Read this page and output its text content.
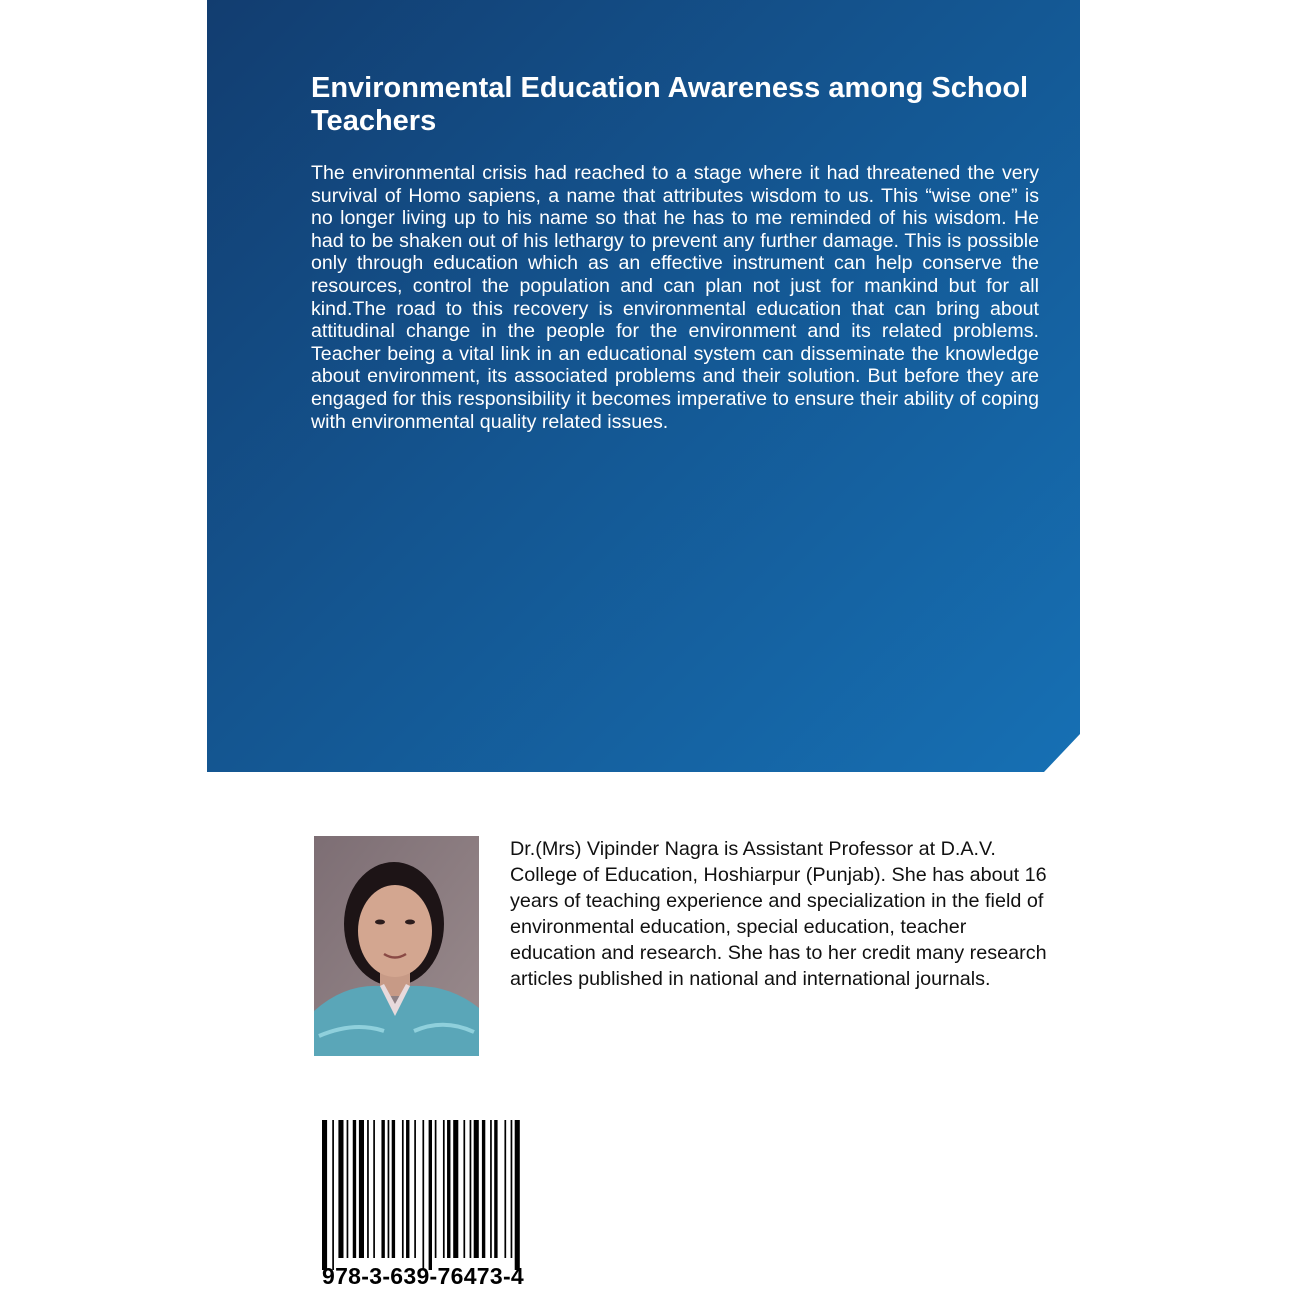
Environmental Education Awareness among School Teachers

The environmental crisis had reached to a stage where it had threatened the very survival of Homo sapiens, a name that attributes wisdom to us. This “wise one” is no longer living up to his name so that he has to me reminded of his wisdom. He had to be shaken out of his lethargy to prevent any further damage. This is possible only through education which as an effective instrument can help conserve the resources, control the population and can plan not just for mankind but for all kind.The road to this recovery is environmental education that can bring about attitudinal change in the people for the environment and its related problems. Teacher being a vital link in an educational system can disseminate the knowledge about environment, its associated problems and their solution. But before they are engaged for this responsibility it becomes imperative to ensure their ability of coping with environmental quality related issues.

Dr.(Mrs) Vipinder Nagra is Assistant Professor at D.A.V. College of Education, Hoshiarpur (Punjab). She has about 16 years of teaching experience and specialization in the field of environmental education, special education, teacher education and research. She has to her credit many research articles published in national and international journals.

978-3-639-76473-4
